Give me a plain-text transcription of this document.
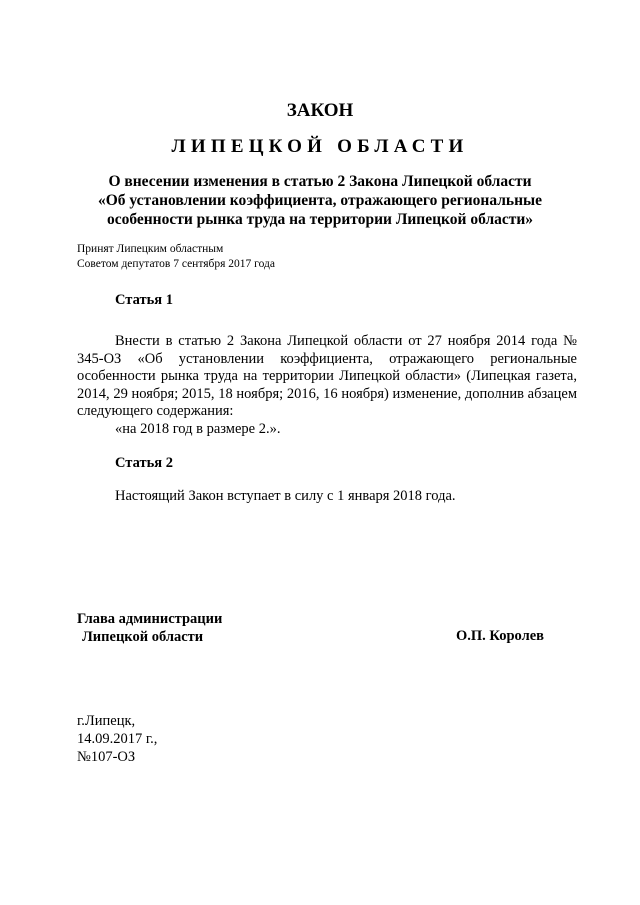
ЗАКОН
ЛИПЕЦКОЙ ОБЛАСТИ
О внесении изменения в статью 2 Закона Липецкой области
«Об установлении коэффициента, отражающего региональные
особенности рынка труда на территории Липецкой области»
Принят Липецким областным
Советом депутатов 7 сентября 2017 года
Статья 1
Внести в статью 2 Закона Липецкой области от 27 ноября 2014 года № 345-ОЗ «Об установлении коэффициента, отражающего региональные особенности рынка труда на территории Липецкой области» (Липецкая газета, 2014, 29 ноября; 2015, 18 ноября; 2016, 16 ноября) изменение, дополнив абзацем следующего содержания:
«на 2018 год в размере 2.».
Статья 2
Настоящий Закон вступает в силу с 1 января 2018 года.
Глава администрации
Липецкой области	О.П. Королев
г.Липецк,
14.09.2017 г.,
№107-ОЗ
